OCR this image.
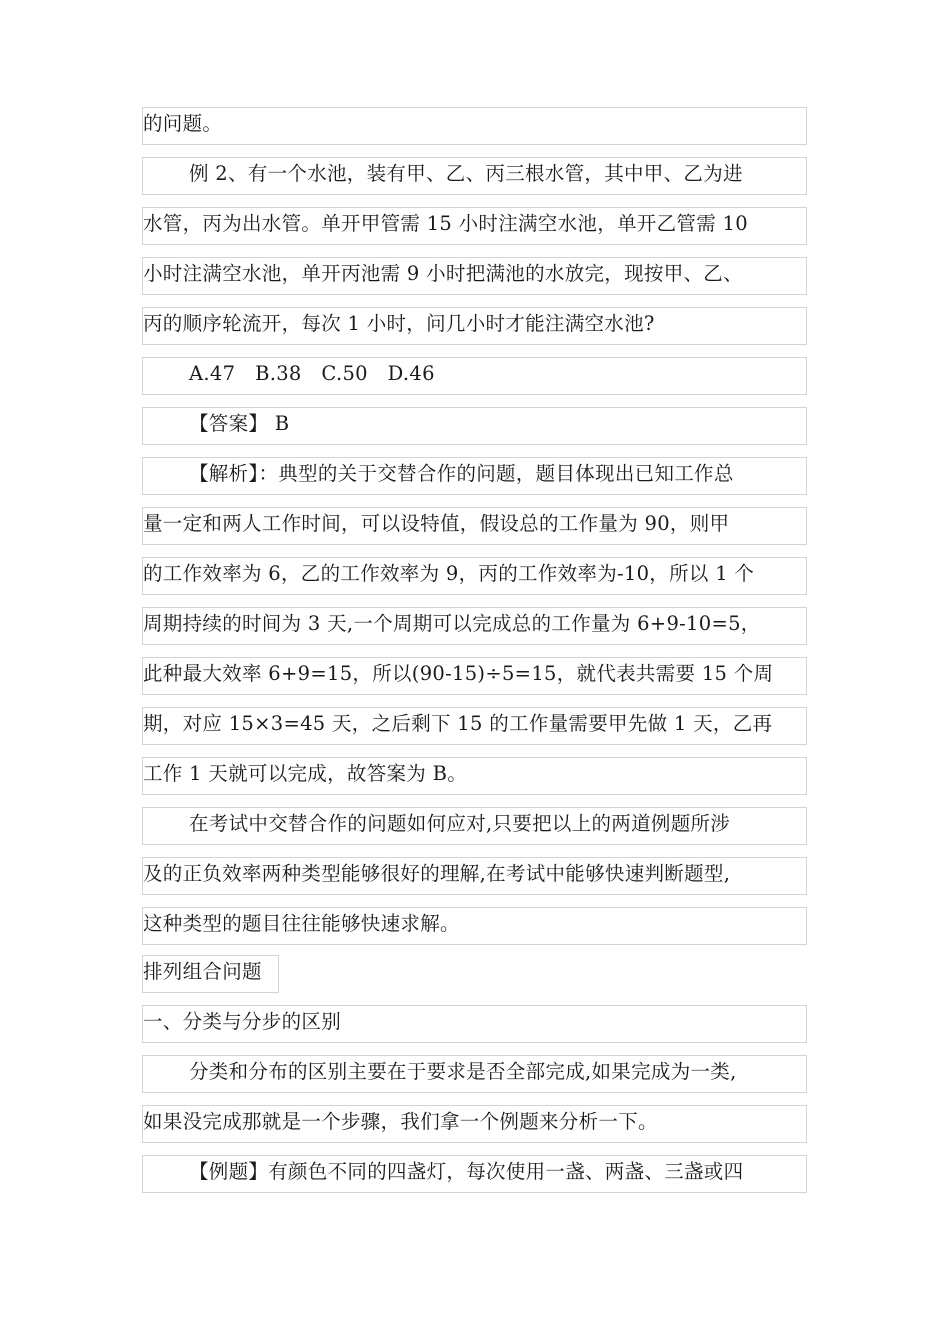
的问题。
例 2、有一个水池，装有甲、乙、丙三根水管，其中甲、乙为进
水管，丙为出水管。单开甲管需 15 小时注满空水池，单开乙管需 10
小时注满空水池，单开丙池需 9 小时把满池的水放完，现按甲、乙、
丙的顺序轮流开，每次 1 小时，问几小时才能注满空水池?
A.47　B.38　C.50　D.46
【答案】 B
【解析】：典型的关于交替合作的问题，题目体现出已知工作总
量一定和两人工作时间，可以设特值，假设总的工作量为 90，则甲
的工作效率为 6，乙的工作效率为 9，丙的工作效率为-10，所以 1 个
周期持续的时间为 3 天,一个周期可以完成总的工作量为 6+9-10=5，
此种最大效率 6+9=15，所以(90-15)÷5=15，就代表共需要 15 个周
期，对应 15×3=45 天，之后剩下 15 的工作量需要甲先做 1 天，乙再
工作 1 天就可以完成，故答案为 B。
在考试中交替合作的问题如何应对,只要把以上的两道例题所涉
及的正负效率两种类型能够很好的理解,在考试中能够快速判断题型,
这种类型的题目往往能够快速求解。
排列组合问题
一、分类与分步的区别
分类和分布的区别主要在于要求是否全部完成,如果完成为一类,
如果没完成那就是一个步骤，我们拿一个例题来分析一下。
【例题】有颜色不同的四盏灯，每次使用一盏、两盏、三盏或四
